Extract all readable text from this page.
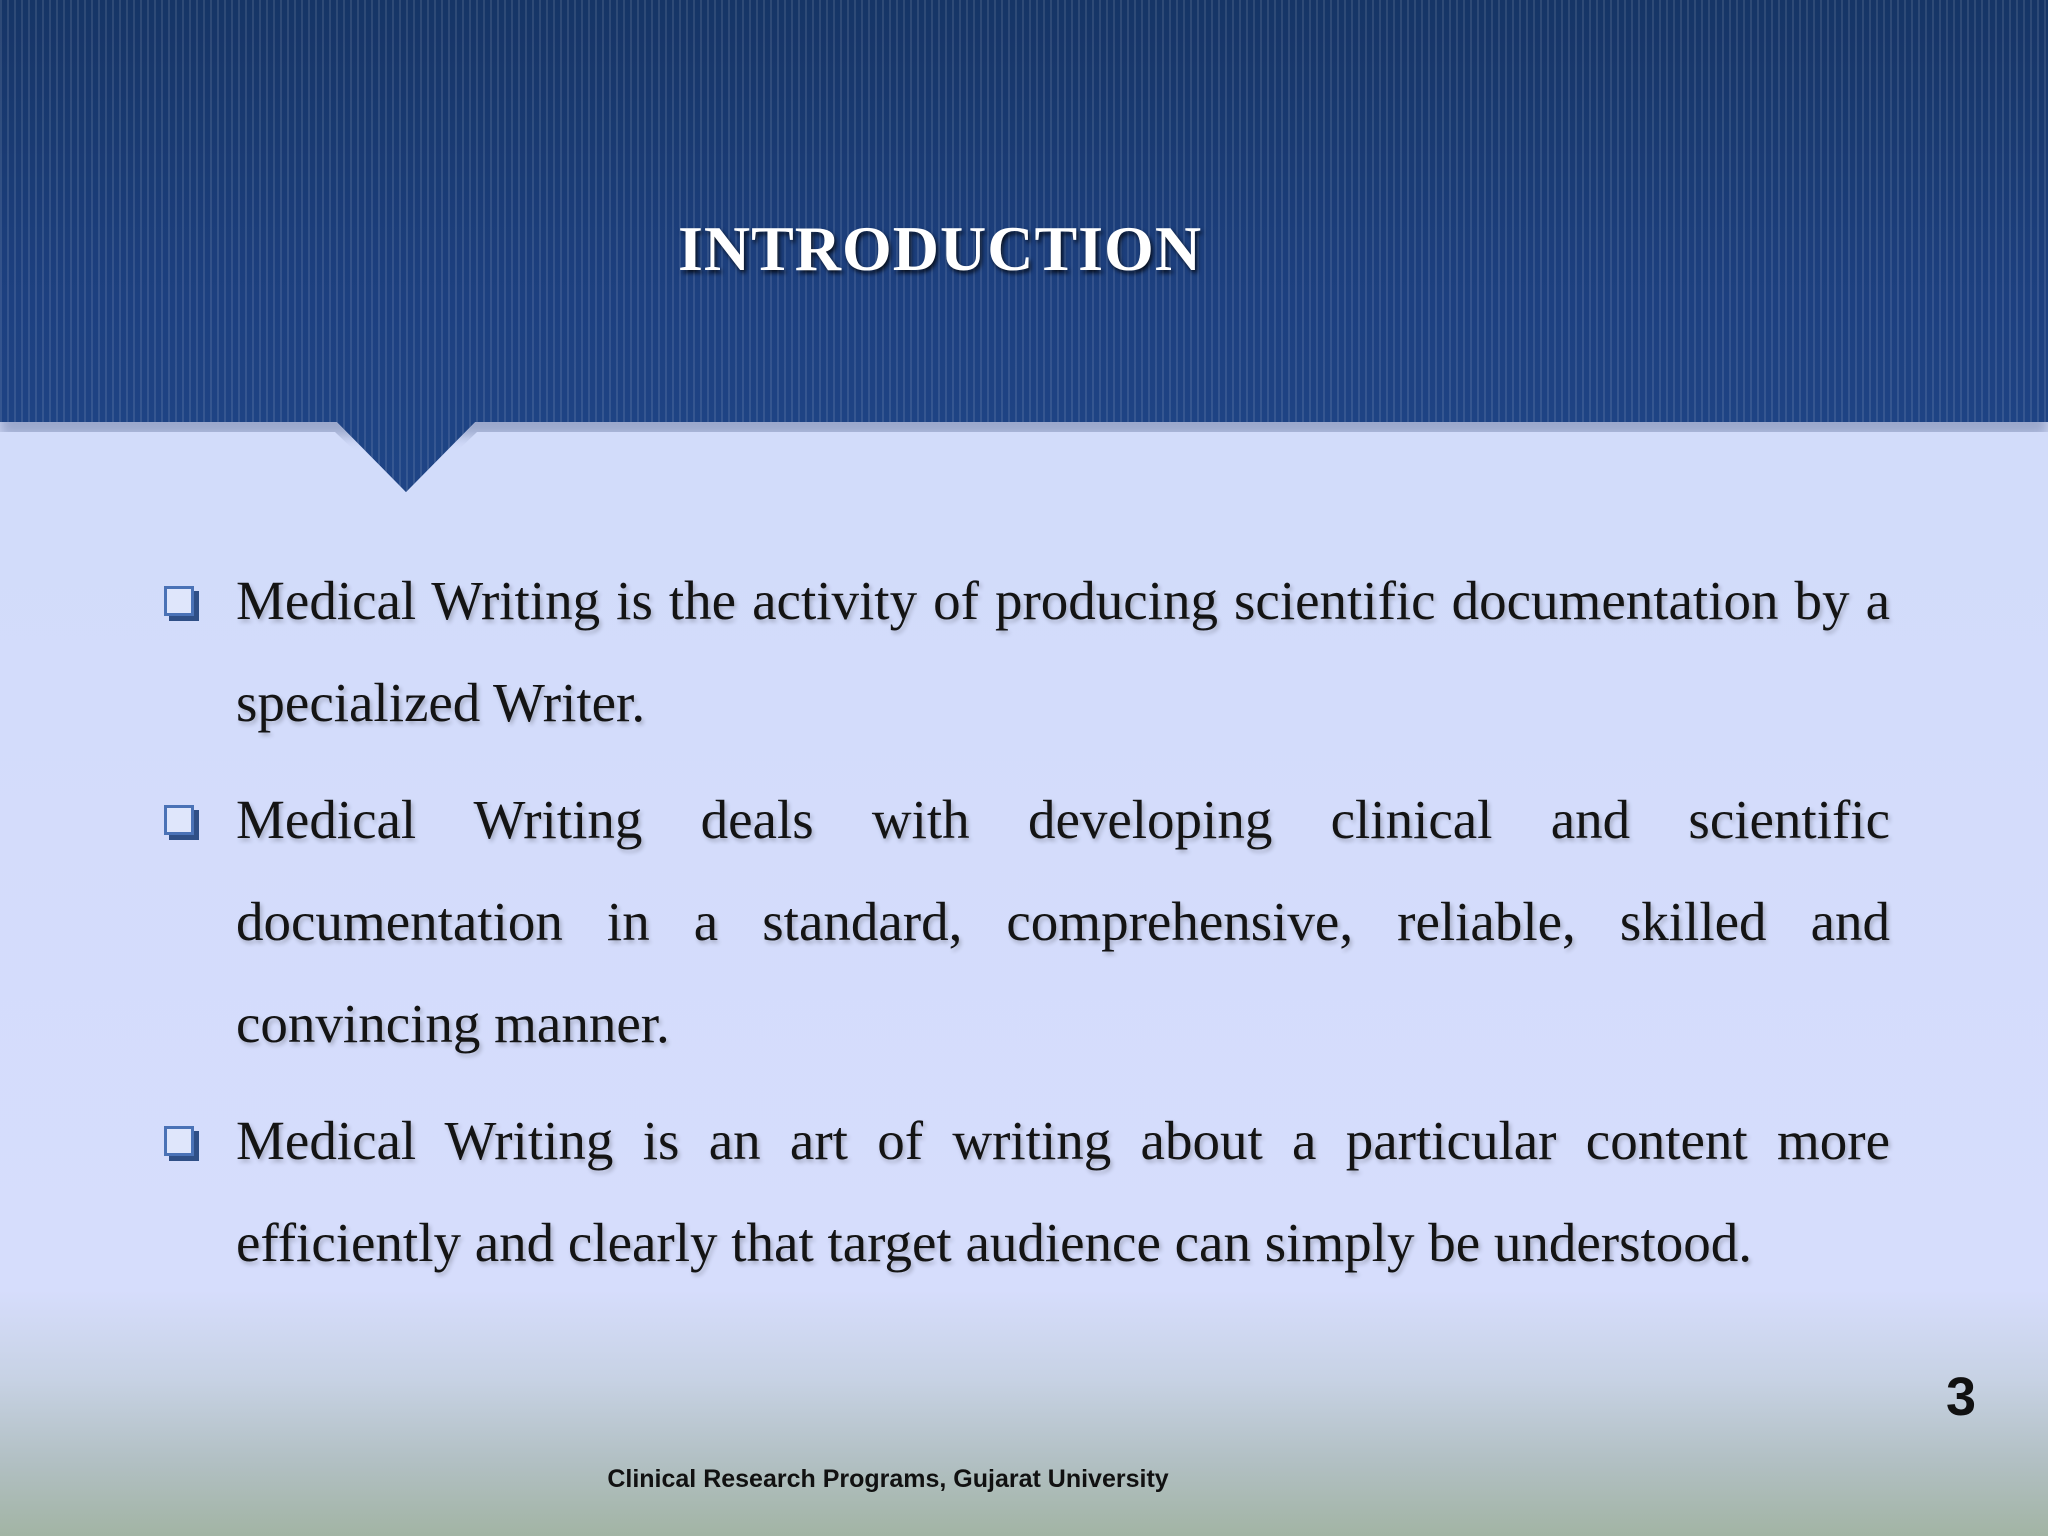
INTRODUCTION
Medical Writing is the activity of producing scientific documentation by a specialized Writer.
Medical Writing deals with developing clinical and scientific documentation in a standard, comprehensive, reliable, skilled and convincing manner.
Medical Writing is an art of writing about a particular content more efficiently and clearly that target audience can simply be understood.
3
Clinical Research Programs, Gujarat University
